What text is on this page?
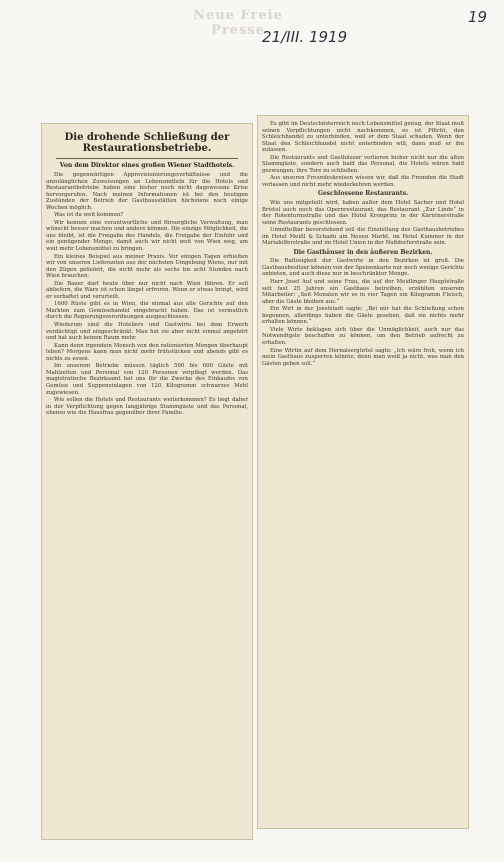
Neue Freie Presse
21/III. 1919
19
Die drohende Schließung der Restaurationsbetriebe.
Von dem Direktor eines großen Wiener Stadthotels.

Die gegenwärtigen Approvisionierungsverhältnisse und die unzulänglichen Zuweisungen an Lebensmitteln für die Hotels und Restaurantbetriebe haben eine bisher noch nicht dagewesene Krise hervorgerufen. Nach meinen Informationen ist bei den heutigen Zuständen der Betrieb der Gasthausstätten höchstens noch einige Wochen möglich.

Was ist da weit kommen?

Wir kennen eine verantwortliche und fürsorgliche Verwaltung, man wünscht besser machen und andere können. Die einzige Möglichkeit, die uns bleibt, ist die Freigabe des Handels, die Freigabe der Einfuhr und ein genügender Menge, damit auch wir nicht weit von Wien weg, um weit mehr Lebensmittel zu bringen.

Ein kleines Beispiel aus meiner Praxis. Vor einigen Tagen erhielten wir von unseren Lieferanten aus der nächsten Umgebung Wiens, nur mit den Zügen geliefert, die nicht mehr als sechs bis acht Stunden nach Wien brauchen.

Die Bauer darf heute über nur nicht nach Wien führen. Er soll abliefern, die Ware ist schon längst erfroren. Wenn er etwas bringt, wird er verhaftet und verurteilt.

1600 Rüste gibt es in Wien, die einmal aus alle Gerichte auf den Markten zum Gemüsehandel eingebracht haben. Das ist vermutlich durch die Regierungsverordnungen ausgeschlossen.

Wiederum sind die Hoteliers und Gastwirte bei dem Erwerb verdächtigt und eingeschränkt. Man hat sie aber nicht einmal angehört und hat auch keinen Raum mehr.

Kann denn irgendein Mensch von den rationierten Mengen überhaupt leben? Morgens kann man nicht mehr frühstücken und abends gibt es nichts zu essen.

Im unserem Betriebe müssen täglich 500 bis 600 Gäste mit Mahlzeiten und Personal von 120 Personen verpflegt werden. Das magistratische Bezirksamt hat uns für die Zwecke des Einkaufes von Gemüse und Suppeneinlagen von 120 Kilogramm schwarzes Mehl zugewiesen.

Wie sollen die Hotels und Restaurants weiterkommen? Es liegt daher in der Verpflichtung gegen langjährige Stammgäste und das Personal, ebenso wie die Hausfrau gegenüber ihrer Familie.

Es gibt im Deutschösterreich noch Lebensmittel genug, der Staat muß seinen Verpflichtungen nicht nachkommen, es ist Pflicht, den Schleichhandel zu unterbinden, weil er dem Staat schaden. Wenn der Staat den Schleichhandel nicht unterbinden will, dann muß er ihn zulassen.

Die Restaurants und Gasthäuser verlieren bisher nicht nur die alten Stammgäste, sondern auch bald das Personal, die Hotels wären bald gezwungen, ihre Tore zu schließen.

Aus unseren Freundeskreisen wissen wir, daß die Fremden die Stadt verlassen und nicht mehr wiederkehren werden.

Geschlossene Restaurants.

Wie uns mitgeteilt wird, haben außer dem Hotel Sacher und Hotel Bristol auch noch das Opernrestaurant, das Restaurant „Zur Linde“ in der Rotenturmstraße und das Hotel Kronprinz in der Kärntnerstraße seine Restaurants geschlossen.

Unmittelbar bevorstehend soll die Einstellung des Gasthausbetriebes im Hotel Meißl & Schadn am Neuen Markt, im Hotel Kummer in der Mariahilferstraße und im Hotel Union in der Nußdorferstraße sein.

Die Gasthäuser in den äußeren Bezirken.

Die Ratlosigkeit der Gastwirte in den Bezirken ist groß. Die Gasthausbesitzer können von der Speisenkarte nur noch wenige Gerichte anbieten, und auch diese nur in beschränkter Menge.

Herr Josef Auf und seine Frau, die auf der Meidlinger Hauptstraße seit fast 25 Jahren ein Gasthaus betreiben, erzählten unserem Mitarbeiter: „Seit Monaten wir es in vier Tagen ein Kilogramm Fleisch, aber die Gäste bleiben aus.“

Ein Wirt in der Josefstadt sagte: „Bei mir hat die Schließung schon begonnen, allerdings haben die Gäste gesehen, daß sie nichts mehr erhalten können.“

Viele Wirte beklagen sich über die Unmöglichkeit, auch nur das Notwendigste beschaffen zu können, um den Betrieb aufrecht zu erhalten.

Eine Wirtin auf dem Hernalsergürtel sagte: „Ich wäre froh, wenn ich mein Gasthaus zusperren könnte, denn man weiß ja nicht, was man den Gästen geben soll.“
